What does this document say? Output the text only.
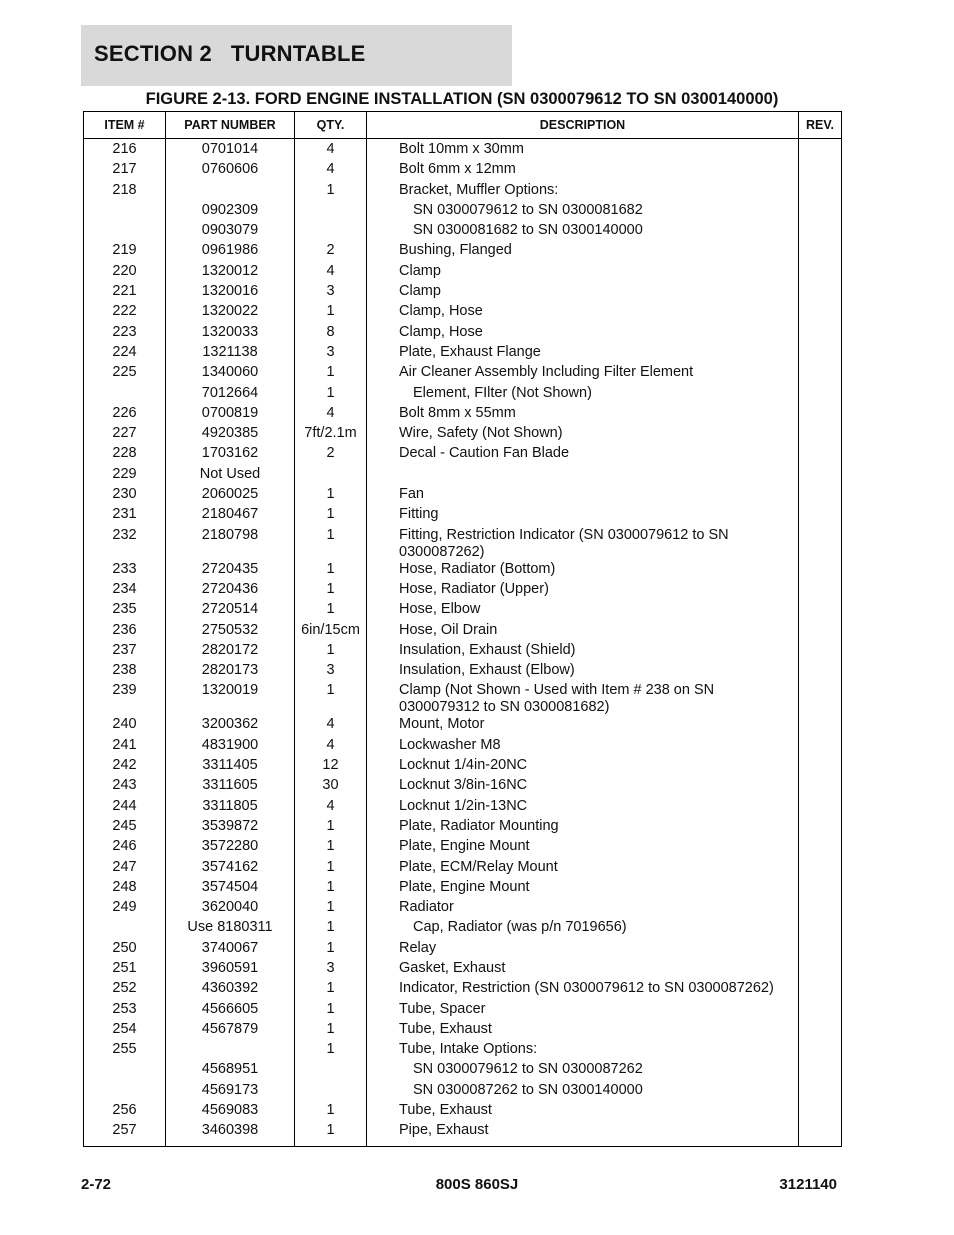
SECTION 2   TURNTABLE
FIGURE 2-13. FORD ENGINE INSTALLATION (SN 0300079612 TO SN 0300140000)
ITEM #	PART NUMBER	QTY.	DESCRIPTION	REV.
216	0701014	4	Bolt 10mm x 30mm	
217	0760606	4	Bolt 6mm x 12mm	
218		1	Bracket, Muffler Options:	
	0902309		SN 0300079612 to SN 0300081682	
	0903079		SN 0300081682 to SN 0300140000	
219	0961986	2	Bushing, Flanged	
220	1320012	4	Clamp	
221	1320016	3	Clamp	
222	1320022	1	Clamp, Hose	
223	1320033	8	Clamp, Hose	
224	1321138	3	Plate, Exhaust Flange	
225	1340060	1	Air Cleaner Assembly Including Filter Element	
	7012664	1	Element, FIlter (Not Shown)	
226	0700819	4	Bolt 8mm x 55mm	
227	4920385	7ft/2.1m	Wire, Safety (Not Shown)	
228	1703162	2	Decal - Caution Fan Blade	
229	Not Used			
230	2060025	1	Fan	
231	2180467	1	Fitting	
232	2180798	1	Fitting, Restriction Indicator (SN 0300079612 to SN 0300087262)	
233	2720435	1	Hose, Radiator (Bottom)	
234	2720436	1	Hose, Radiator (Upper)	
235	2720514	1	Hose, Elbow	
236	2750532	6in/15cm	Hose, Oil Drain	
237	2820172	1	Insulation, Exhaust (Shield)	
238	2820173	3	Insulation, Exhaust (Elbow)	
239	1320019	1	Clamp (Not Shown - Used with Item # 238 on SN 0300079312 to SN 0300081682)	
240	3200362	4	Mount, Motor	
241	4831900	4	Lockwasher M8	
242	3311405	12	Locknut 1/4in-20NC	
243	3311605	30	Locknut 3/8in-16NC	
244	3311805	4	Locknut 1/2in-13NC	
245	3539872	1	Plate, Radiator Mounting	
246	3572280	1	Plate, Engine Mount	
247	3574162	1	Plate, ECM/Relay Mount	
248	3574504	1	Plate, Engine Mount	
249	3620040	1	Radiator	
	Use 8180311	1	Cap, Radiator (was p/n 7019656)	
250	3740067	1	Relay	
251	3960591	3	Gasket, Exhaust	
252	4360392	1	Indicator, Restriction (SN 0300079612 to SN 0300087262)	
253	4566605	1	Tube, Spacer	
254	4567879	1	Tube, Exhaust	
255		1	Tube, Intake Options:	
	4568951		SN 0300079612 to SN 0300087262	
	4569173		SN 0300087262 to SN 0300140000	
256	4569083	1	Tube, Exhaust	
257	3460398	1	Pipe, Exhaust	
2-72	800S 860SJ	3121140
